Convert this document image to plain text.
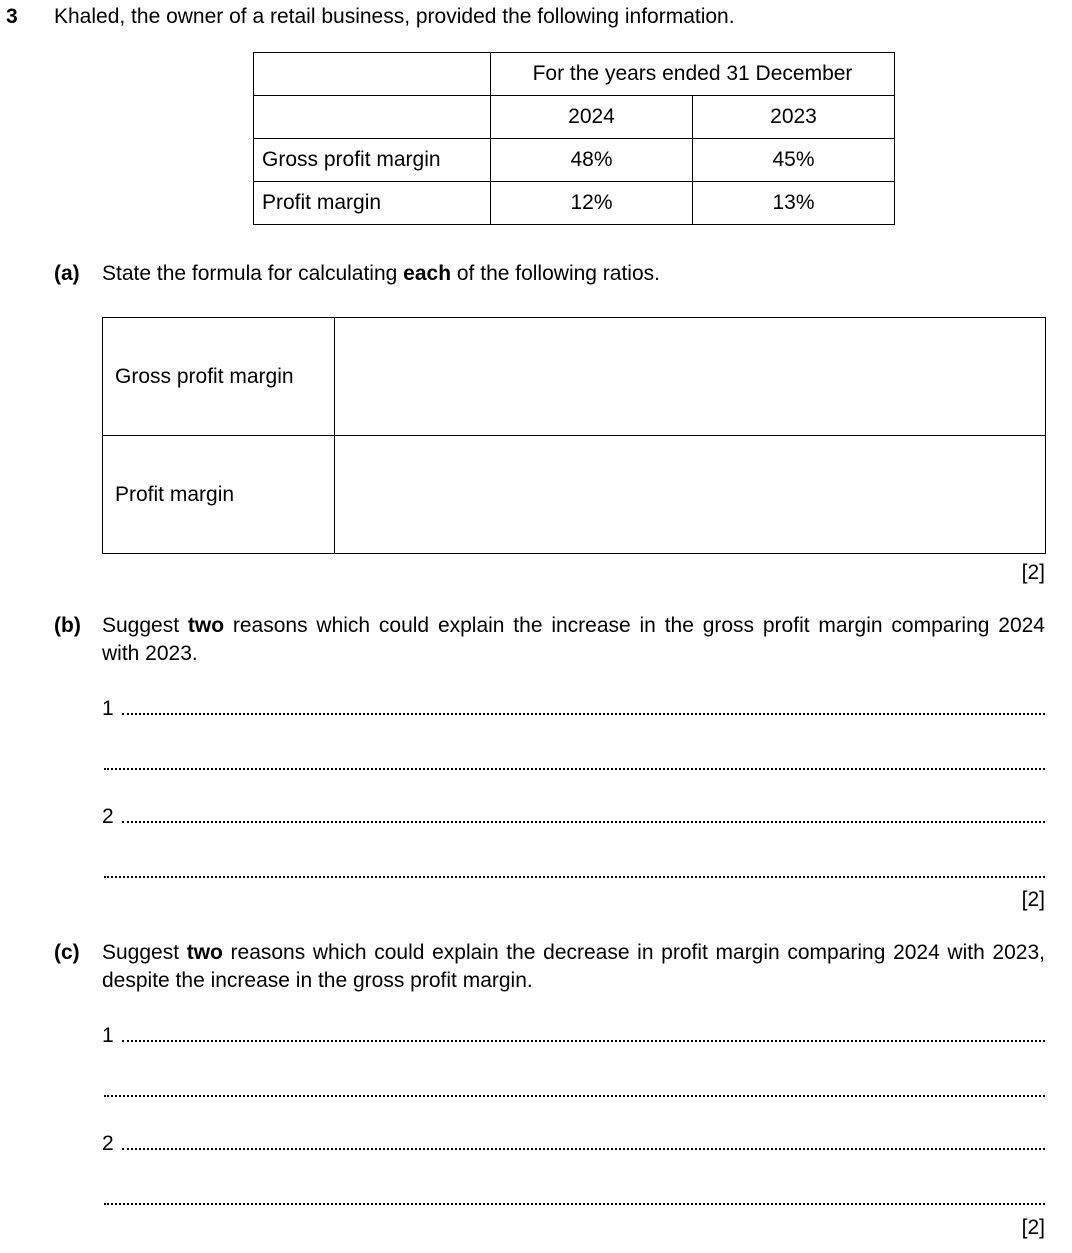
3 Khaled, the owner of a retail business, provided the following information.
	For the years ended 31 December	
	2024	2023
Gross profit margin	48%	45%
Profit margin	12%	13%
(a) State the formula for calculating each of the following ratios.
Gross profit margin	
Profit margin	
[2]
(b) Suggest two reasons which could explain the increase in the gross profit margin comparing 2024 with 2023.
1
2
[2]
(c) Suggest two reasons which could explain the decrease in profit margin comparing 2024 with 2023, despite the increase in the gross profit margin.
1
2
[2]
